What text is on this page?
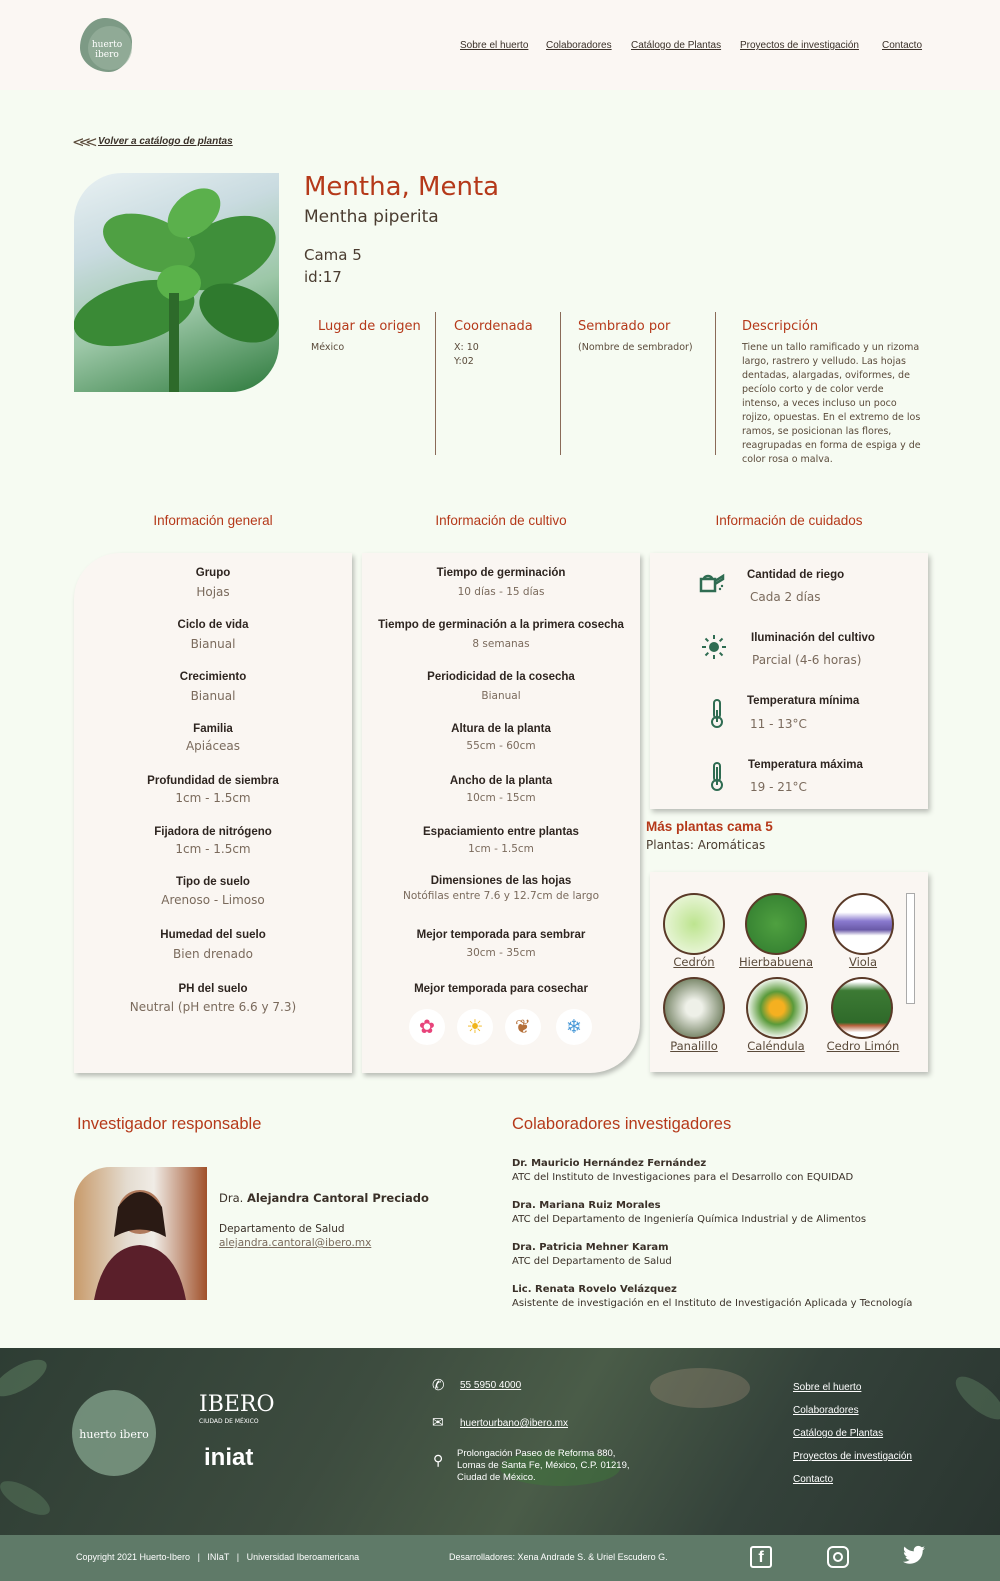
huerto ibero
Sobre el huerto Colaboradores Catálogo de Plantas Proyectos de investigación Contacto
<<< Volver a catálogo de plantas
Mentha, Menta
Mentha piperita
Cama 5
id:17
Lugar de origen
México
Coordenada
X: 10
Y:02
Sembrado por
(Nombre de sembrador)
Descripción
Tiene un tallo ramificado y un rizoma
largo, rastrero y velludo. Las hojas
dentadas, alargadas, oviformes, de
pecíolo corto y de color verde
intenso, a veces incluso un poco
rojizo, opuestas. En el extremo de los
ramos, se posicionan las flores,
reagrupadas en forma de espiga y de
color rosa o malva.
Información general	Información de cultivo	Información de cuidados
Grupo
Hojas
Ciclo de vida
Bianual
Crecimiento
Bianual
Familia
Apiáceas
Profundidad de siembra
1cm - 1.5cm
Fijadora de nitrógeno
1cm - 1.5cm
Tipo de suelo
Arenoso - Limoso
Humedad del suelo
Bien drenado
PH del suelo
Neutral (pH entre 6.6 y 7.3)
Tiempo de germinación
10 días - 15 días
Tiempo de germinación a la primera cosecha
8 semanas
Periodicidad de la cosecha
Bianual
Altura de la planta
55cm - 60cm
Ancho de la planta
10cm - 15cm
Espaciamiento entre plantas
1cm - 1.5cm
Dimensiones de las hojas
Notófilas entre 7.6 y 12.7cm de largo
Mejor temporada para sembrar
30cm - 35cm
Mejor temporada para cosechar
✿	☀	❦	❄
Cantidad de riego
Cada 2 días
Iluminación del cultivo
Parcial (4-6 horas)
Temperatura mínima
11 - 13°C
Temperatura máxima
19 - 21°C
Más plantas cama 5
Plantas: Aromáticas
Cedrón	Hierbabuena	Viola
Panalillo	Caléndula	Cedro Limón
Investigador responsable
Dra. Alejandra Cantoral Preciado
Departamento de Salud
alejandra.cantoral@ibero.mx
Colaboradores investigadores
Dr. Mauricio Hernández Fernández
ATC del Instituto de Investigaciones para el Desarrollo con EQUIDAD
Dra. Mariana Ruiz Morales
ATC del Departamento de Ingeniería Química Industrial y de Alimentos
Dra. Patricia Mehner Karam
ATC del Departamento de Salud
Lic. Renata Rovelo Velázquez
Asistente de investigación en el Instituto de Investigación Aplicada y Tecnología
huerto ibero
IBERO
CIUDAD DE MÉXICO
iniat
✆ 55 5950 4000
✉ huertourbano@ibero.mx
⚲ Prolongación Paseo de Reforma 880,
Lomas de Santa Fe, México, C.P. 01219,
Ciudad de México.
Sobre el huerto
Colaboradores
Catálogo de Plantas
Proyectos de investigación
Contacto
Copyright 2021 Huerto-Ibero   |   INIaT   |   Universidad Iberoamericana	Desarrolladores: Xena Andrade S. & Uriel Escudero G.	f
